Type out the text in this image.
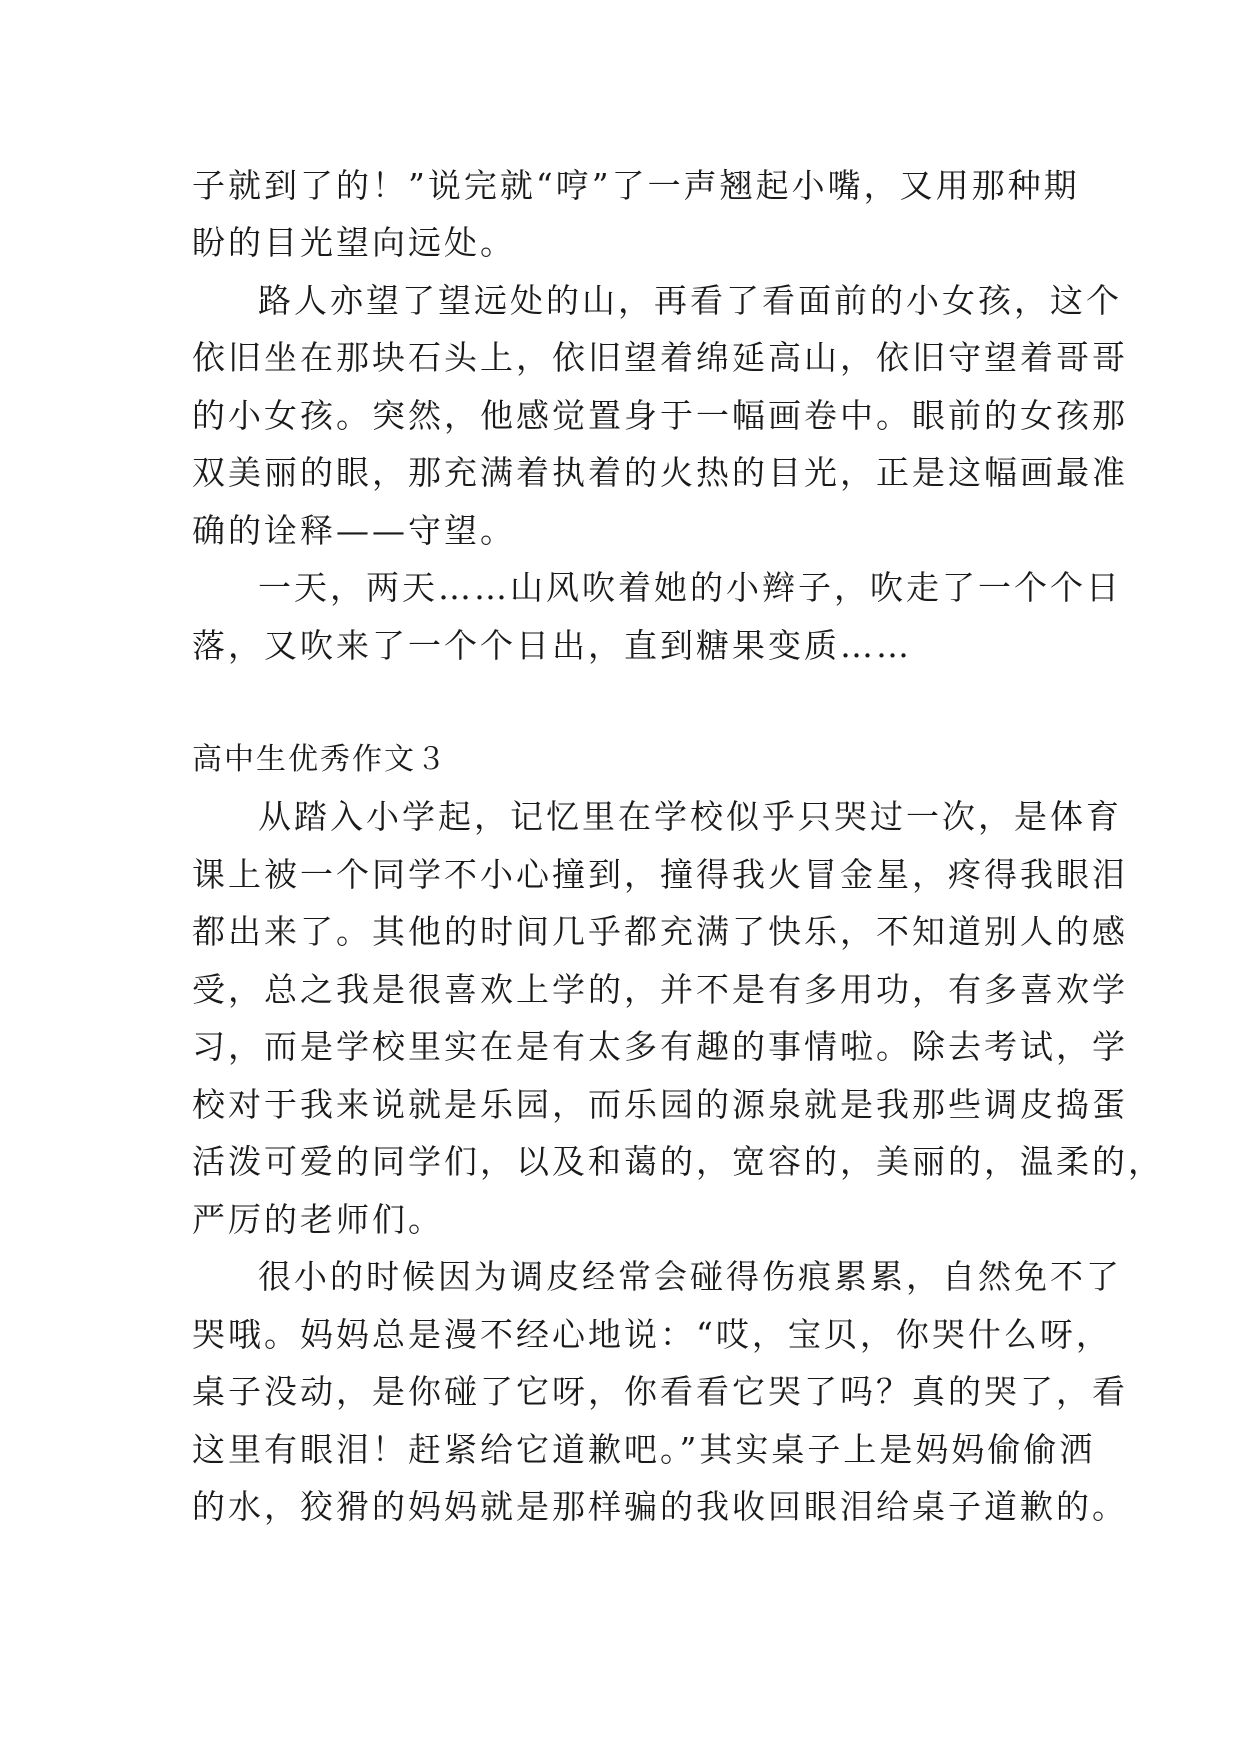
子就到了的！”说完就“哼”了一声翘起小嘴，又用那种期
盼的目光望向远处。
路人亦望了望远处的山，再看了看面前的小女孩，这个
依旧坐在那块石头上，依旧望着绵延高山，依旧守望着哥哥
的小女孩。突然，他感觉置身于一幅画卷中。眼前的女孩那
双美丽的眼，那充满着执着的火热的目光，正是这幅画最准
确的诠释——守望。
一天，两天……山风吹着她的小辫子，吹走了一个个日
落，又吹来了一个个日出，直到糖果变质……
高中生优秀作文３
从踏入小学起，记忆里在学校似乎只哭过一次，是体育
课上被一个同学不小心撞到，撞得我火冒金星，疼得我眼泪
都出来了。其他的时间几乎都充满了快乐，不知道别人的感
受，总之我是很喜欢上学的，并不是有多用功，有多喜欢学
习，而是学校里实在是有太多有趣的事情啦。除去考试，学
校对于我来说就是乐园，而乐园的源泉就是我那些调皮捣蛋
活泼可爱的同学们，以及和蔼的，宽容的，美丽的，温柔的，
严厉的老师们。
很小的时候因为调皮经常会碰得伤痕累累，自然免不了
哭哦。妈妈总是漫不经心地说：“哎，宝贝，你哭什么呀，
桌子没动，是你碰了它呀，你看看它哭了吗？真的哭了，看
这里有眼泪！赶紧给它道歉吧。”其实桌子上是妈妈偷偷洒
的水，狡猾的妈妈就是那样骗的我收回眼泪给桌子道歉的。
